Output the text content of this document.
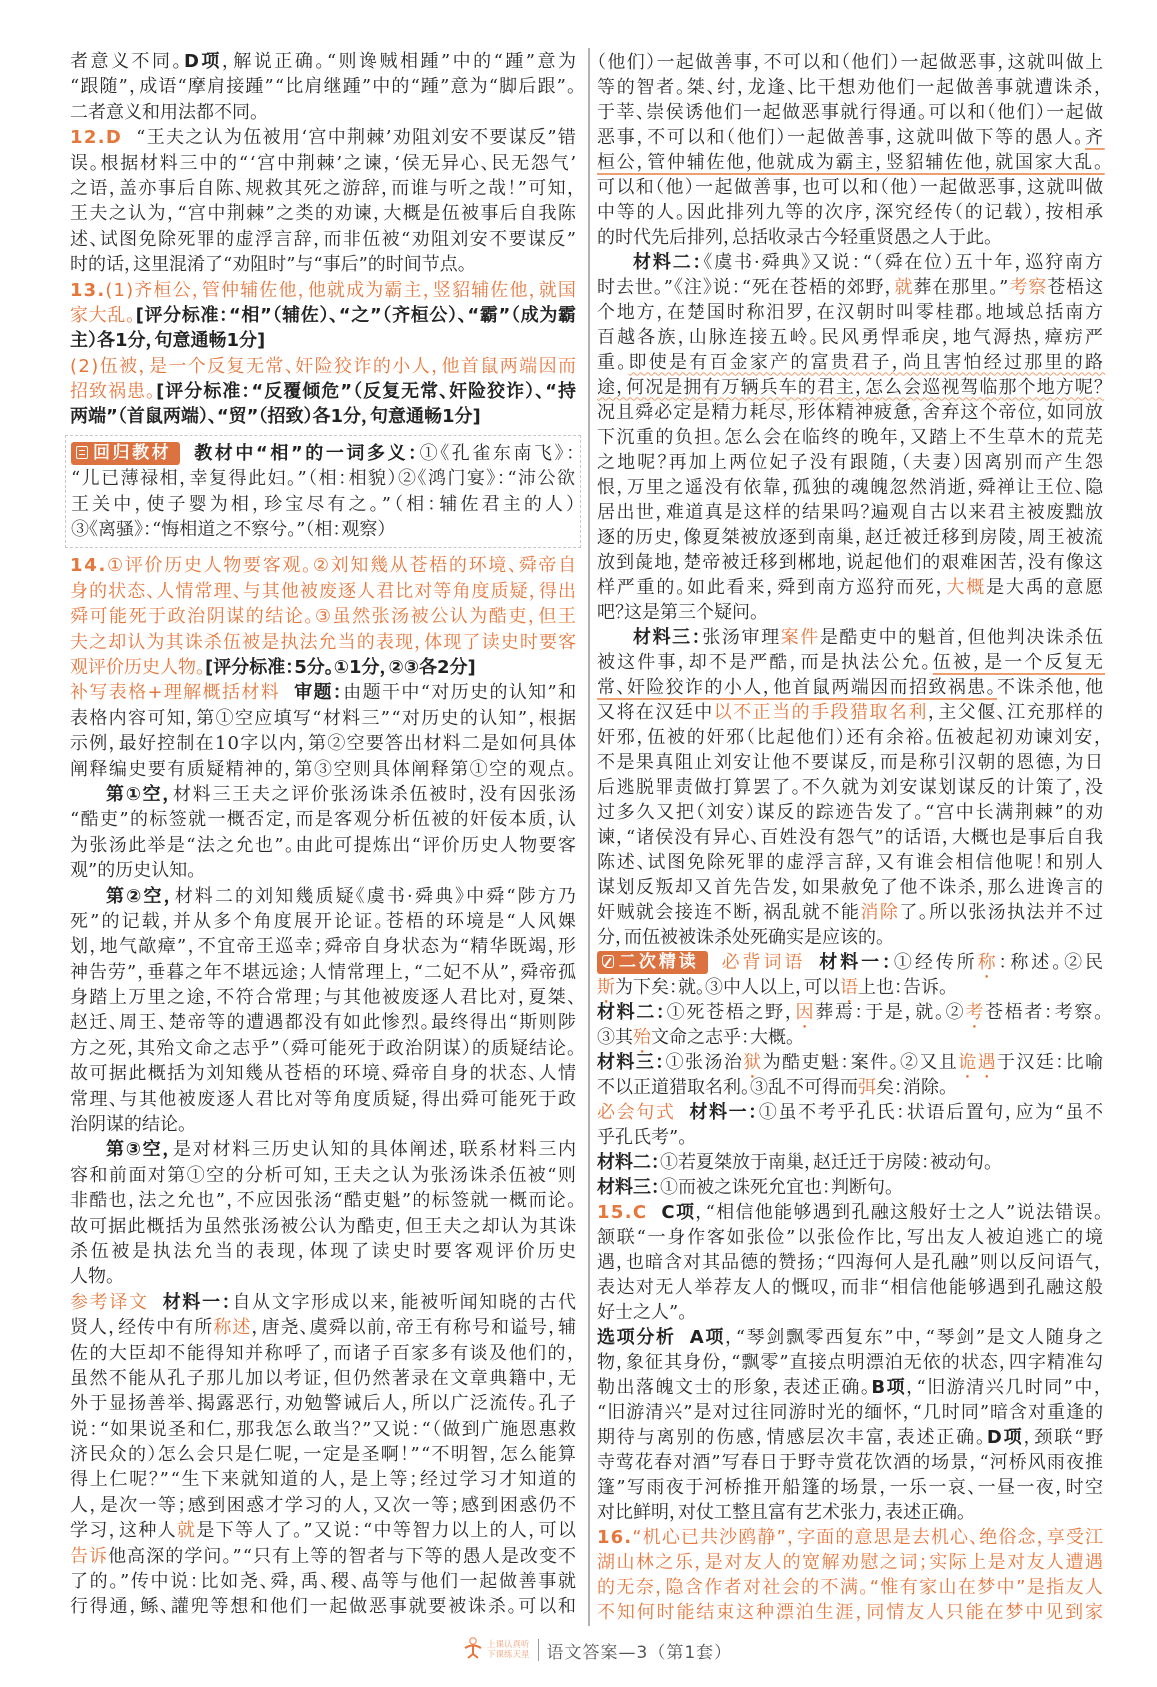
者意义不同。D项，解说正确。“则谗贼相踵”中的“踵”意为
“跟随”，成语“摩肩接踵”“比肩继踵”中的“踵”意为“脚后跟”。
二者意义和用法都不同。
12.D “王夫之认为伍被用‘宫中荆棘’劝阻刘安不要谋反”错
误。根据材料三中的“‘宫中荆棘’之谏，‘侯无异心、民无怨气’
之语，盖亦事后自陈、规救其死之游辞，而谁与听之哉！”可知，
王夫之认为，“宫中荆棘”之类的劝谏，大概是伍被事后自我陈
述、试图免除死罪的虚浮言辞，而非伍被“劝阻刘安不要谋反”
时的话，这里混淆了“劝阻时”与“事后”的时间节点。
13.(1)齐桓公，管仲辅佐他，他就成为霸主，竖貂辅佐他，就国
家大乱。[评分标准：“相”（辅佐）、“之”（齐桓公）、“霸”（成为霸
主）各1分，句意通畅1分]
(2)伍被，是一个反复无常、奸险狡诈的小人，他首鼠两端因而
招致祸患。[评分标准：“反覆倾危”（反复无常、奸险狡诈）、“持
两端”（首鼠两端）、“贸”（招致）各1分，句意通畅1分]
回归教材 教材中“相”的一词多义：①《孔雀东南飞》：
“儿已薄禄相，幸复得此妇。”（相：相貌）②《鸿门宴》：“沛公欲
王关中，使子婴为相，珍宝尽有之。”（相：辅佐君主的人）
③《离骚》：“悔相道之不察兮。”（相：观察）
14.①评价历史人物要客观。②刘知幾从苍梧的环境、舜帝自
身的状态、人情常理、与其他被废逐人君比对等角度质疑，得出
舜可能死于政治阴谋的结论。③虽然张汤被公认为酷吏，但王
夫之却认为其诛杀伍被是执法允当的表现，体现了读史时要客
观评价历史人物。[评分标准：5分。①1分，②③各2分]
补写表格+理解概括材料 审题：由题干中“对历史的认知”和
表格内容可知，第①空应填写“材料三”“对历史的认知”，根据
示例，最好控制在10字以内，第②空要答出材料二是如何具体
阐释编史要有质疑精神的，第③空则具体阐释第①空的观点。
第①空，材料三王夫之评价张汤诛杀伍被时，没有因张汤
“酷吏”的标签就一概否定，而是客观分析伍被的奸佞本质，认
为张汤此举是“法之允也”。由此可提炼出“评价历史人物要客
观”的历史认知。
第②空，材料二的刘知幾质疑《虞书·舜典》中舜“陟方乃
死”的记载，并从多个角度展开论证。苍梧的环境是“人风婐
划，地气歊瘴”，不宜帝王巡幸；舜帝自身状态为“精华既竭，形
神告劳”，垂暮之年不堪远途；人情常理上，“二妃不从”，舜帝孤
身踏上万里之途，不符合常理；与其他被废逐人君比对，夏桀、
赵迁、周王、楚帝等的遭遇都没有如此惨烈。最终得出“斯则陟
方之死，其殆文命之志乎”（舜可能死于政治阴谋）的质疑结论。
故可据此概括为刘知幾从苍梧的环境、舜帝自身的状态、人情
常理、与其他被废逐人君比对等角度质疑，得出舜可能死于政
治阴谋的结论。
第③空，是对材料三历史认知的具体阐述，联系材料三内
容和前面对第①空的分析可知，王夫之认为张汤诛杀伍被“则
非酷也，法之允也”，不应因张汤“酷吏魁”的标签就一概而论。
故可据此概括为虽然张汤被公认为酷吏，但王夫之却认为其诛
杀伍被是执法允当的表现，体现了读史时要客观评价历史
人物。
参考译文 材料一：自从文字形成以来，能被听闻知晓的古代
贤人，经传中有所称述，唐尧、虞舜以前，帝王有称号和谥号，辅
佐的大臣却不能得知并称呼了，而诸子百家多有谈及他们的，
虽然不能从孔子那儿加以考证，但仍然著录在文章典籍中，无
外于显扬善举、揭露恶行，劝勉警诫后人，所以广泛流传。孔子
说：“如果说圣和仁，那我怎么敢当？”又说：“（做到广施恩惠救
济民众的）怎么会只是仁呢，一定是圣啊！”“不明智，怎么能算
得上仁呢？”“生下来就知道的人，是上等；经过学习才知道的
人，是次一等；感到困惑才学习的人，又次一等；感到困惑仍不
学习，这种人就是下等人了。”又说：“中等智力以上的人，可以
告诉他高深的学问。”“只有上等的智者与下等的愚人是改变不
了的。”传中说：比如尧、舜，禹、稷、卨等与他们一起做善事就
行得通，鲧、讙兜等想和他们一起做恶事就要被诛杀。可以和
（他们）一起做善事，不可以和（他们）一起做恶事，这就叫做上
等的智者。桀、纣，龙逢、比干想劝他们一起做善事就遭诛杀，
于莘、崇侯诱他们一起做恶事就行得通。可以和（他们）一起做
恶事，不可以和（他们）一起做善事，这就叫做下等的愚人。齐
桓公，管仲辅佐他，他就成为霸主，竖貂辅佐他，就国家大乱。
可以和（他）一起做善事，也可以和（他）一起做恶事，这就叫做
中等的人。因此排列九等的次序，深究经传（的记载），按相承
的时代先后排列，总括收录古今轻重贤愚之人于此。
材料二：《虞书·舜典》又说：“（舜在位）五十年，巡狩南方
时去世。”《注》说：“死在苍梧的郊野，就葬在那里。”考察苍梧这
个地方，在楚国时称汨罗，在汉朝时叫零桂郡。地域总括南方
百越各族，山脉连接五岭。民风勇悍乖戾，地气溽热，瘴疠严
重。即使是有百金家产的富贵君子，尚且害怕经过那里的路
途，何况是拥有万辆兵车的君主，怎么会巡视驾临那个地方呢？
况且舜必定是精力耗尽，形体精神疲惫，舍弃这个帝位，如同放
下沉重的负担。怎么会在临终的晚年，又踏上不生草木的荒芜
之地呢？再加上两位妃子没有跟随，（夫妻）因离别而产生怨
恨，万里之遥没有依靠，孤独的魂魄忽然消逝，舜禅让王位、隐
居出世，难道真是这样的结果吗？遍观自古以来君主被废黜放
逐的历史，像夏桀被放逐到南巢，赵迁被迁移到房陵，周王被流
放到彘地，楚帝被迁移到郴地，说起他们的艰难困苦，没有像这
样严重的。如此看来，舜到南方巡狩而死，大概是大禹的意愿
吧？这是第三个疑问。
材料三：张汤审理案件是酷吏中的魁首，但他判决诛杀伍
被这件事，却不是严酷，而是执法公允。伍被，是一个反复无
常、奸险狡诈的小人，他首鼠两端因而招致祸患。不诛杀他，他
又将在汉廷中以不正当的手段猎取名利，主父偃、江充那样的
奸邪，伍被的奸邪（比起他们）还有余裕。伍被起初劝谏刘安，
不是果真阻止刘安让他不要谋反，而是称引汉朝的恩德，为日
后逃脱罪责做打算罢了。不久就为刘安谋划谋反的计策了，没
过多久又把（刘安）谋反的踪迹告发了。“宫中长满荆棘”的劝
谏，“诸侯没有异心、百姓没有怨气”的话语，大概也是事后自我
陈述、试图免除死罪的虚浮言辞，又有谁会相信他呢！和别人
谋划反叛却又首先告发，如果赦免了他不诛杀，那么进谗言的
奸贼就会接连不断，祸乱就不能消除了。所以张汤执法并不过
分，而伍被被诛杀处死确实是应该的。
二次精读 必背词语 材料一：①经传所称：称述。②民
斯为下矣：就。③中人以上，可以语上也：告诉。
材料二：①死苍梧之野，因葬焉：于是，就。②考苍梧者：考察。
③其殆文命之志乎：大概。
材料三：①张汤治狱为酷吏魁：案件。②又且诡遇于汉廷：比喻
不以正道猎取名利。③乱不可得而弭矣：消除。
必会句式 材料一：①虽不考乎孔氏：状语后置句，应为“虽不
乎孔氏考”。
材料二：①若夏桀放于南巢，赵迁迁于房陵：被动句。
材料三：①而被之诛死允宜也：判断句。
15.C C项，“相信他能够遇到孔融这般好士之人”说法错误。
颔联“一身作客如张俭”以张俭作比，写出友人被迫逃亡的境
遇，也暗含对其品德的赞扬；“四海何人是孔融”则以反问语气，
表达对无人举荐友人的慨叹，而非“相信他能够遇到孔融这般
好士之人”。
选项分析 A项，“琴剑飘零西复东”中，“琴剑”是文人随身之
物，象征其身份，“飘零”直接点明漂泊无依的状态，四字精准勾
勒出落魄文士的形象，表述正确。B项，“旧游清兴几时同”中，
“旧游清兴”是对过往同游时光的缅怀，“几时同”暗含对重逢的
期待与离别的伤感，情感层次丰富，表述正确。D项，颈联“野
寺莺花春对酒”写春日于野寺赏花饮酒的场景，“河桥风雨夜推
篷”写雨夜于河桥推开船篷的场景，一乐一哀、一昼一夜，时空
对比鲜明，对仗工整且富有艺术张力，表述正确。
16.“机心已共沙鸥静”，字面的意思是去机心、绝俗念，享受江
湖山林之乐，是对友人的宽解劝慰之词；实际上是对友人遭遇
的无奈，隐含作者对社会的不满。“惟有家山在梦中”是指友人
不知何时能结束这种漂泊生涯，同情友人只能在梦中见到家
上课认真听
下课练天星 语文答案—3（第1套）
